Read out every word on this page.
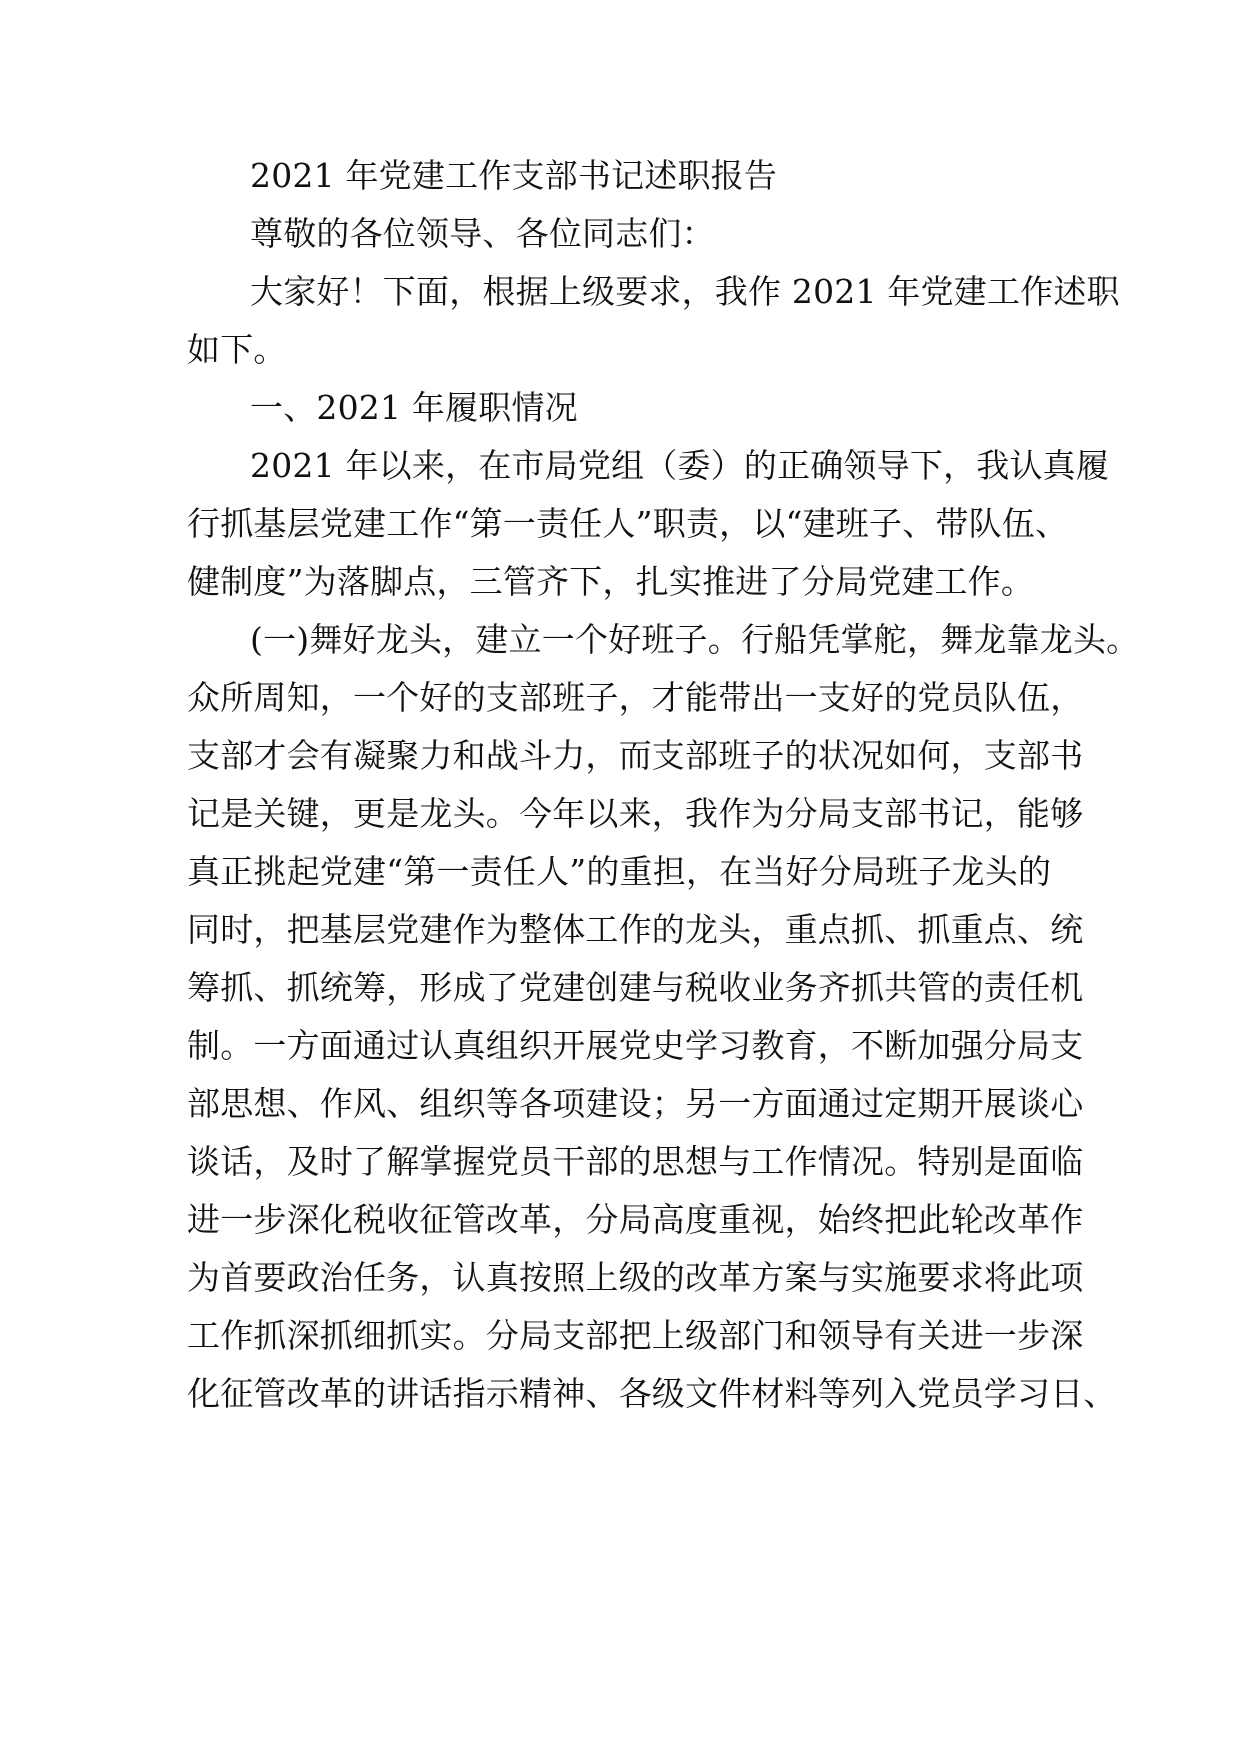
2021 年党建工作支部书记述职报告
尊敬的各位领导、各位同志们：
大家好！下面，根据上级要求，我作 2021 年党建工作述职
如下。
一、2021 年履职情况
2021 年以来，在市局党组（委）的正确领导下，我认真履
行抓基层党建工作“第一责任人”职责，以“建班子、带队伍、
健制度”为落脚点，三管齐下，扎实推进了分局党建工作。
(一)舞好龙头，建立一个好班子。行船凭掌舵，舞龙靠龙头。
众所周知，一个好的支部班子，才能带出一支好的党员队伍，
支部才会有凝聚力和战斗力，而支部班子的状况如何，支部书
记是关键，更是龙头。今年以来，我作为分局支部书记，能够
真正挑起党建“第一责任人”的重担，在当好分局班子龙头的
同时，把基层党建作为整体工作的龙头，重点抓、抓重点、统
筹抓、抓统筹，形成了党建创建与税收业务齐抓共管的责任机
制。一方面通过认真组织开展党史学习教育，不断加强分局支
部思想、作风、组织等各项建设；另一方面通过定期开展谈心
谈话，及时了解掌握党员干部的思想与工作情况。特别是面临
进一步深化税收征管改革，分局高度重视，始终把此轮改革作
为首要政治任务，认真按照上级的改革方案与实施要求将此项
工作抓深抓细抓实。分局支部把上级部门和领导有关进一步深
化征管改革的讲话指示精神、各级文件材料等列入党员学习日、
